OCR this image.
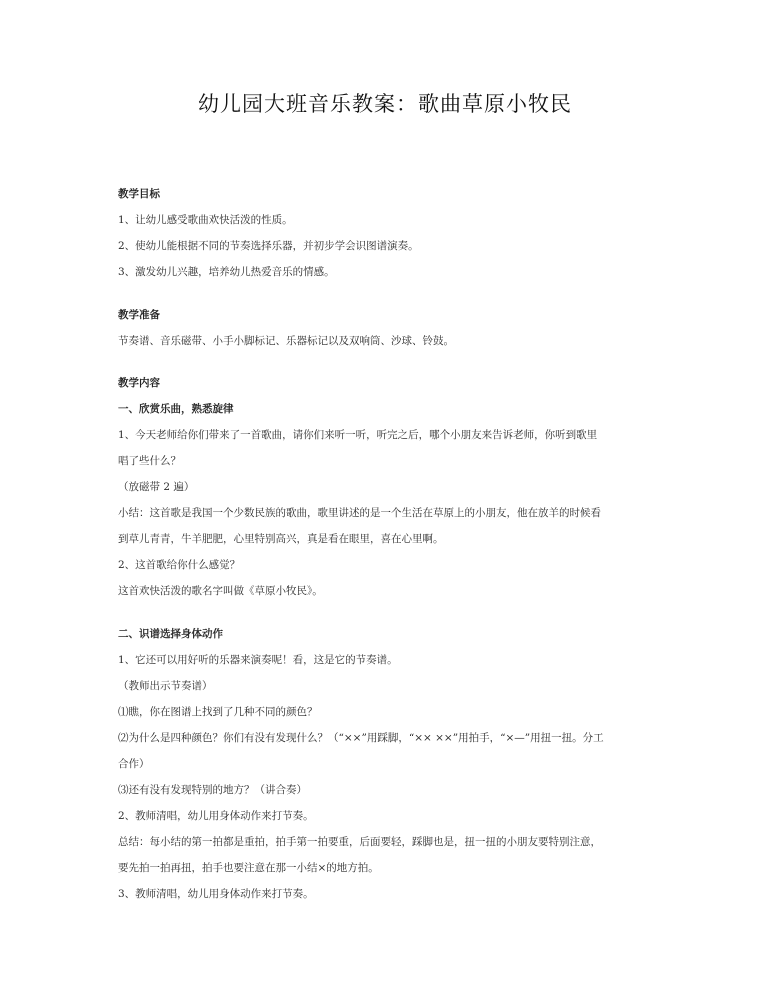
幼儿园大班音乐教案：歌曲草原小牧民
教学目标
1、让幼儿感受歌曲欢快活泼的性质。
2、使幼儿能根据不同的节奏选择乐器，并初步学会识图谱演奏。
3、激发幼儿兴趣，培养幼儿热爱音乐的情感。
教学准备
节奏谱、音乐磁带、小手小脚标记、乐器标记以及双响筒、沙球、铃鼓。
教学内容
一、欣赏乐曲，熟悉旋律
1、今天老师给你们带来了一首歌曲，请你们来听一听，听完之后，哪个小朋友来告诉老师，你听到歌里
唱了些什么？
（放磁带 2 遍）
小结：这首歌是我国一个少数民族的歌曲，歌里讲述的是一个生活在草原上的小朋友，他在放羊的时候看
到草儿青青，牛羊肥肥，心里特别高兴，真是看在眼里，喜在心里啊。
2、这首歌给你什么感觉？
这首欢快活泼的歌名字叫做《草原小牧民》。
二、识谱选择身体动作
1、它还可以用好听的乐器来演奏呢！看，这是它的节奏谱。
（教师出示节奏谱）
⑴瞧，你在图谱上找到了几种不同的颜色？
⑵为什么是四种颜色？你们有没有发现什么？（“××”用踩脚，“×× ××”用拍手，“×—”用扭一扭。分工
合作）
⑶还有没有发现特别的地方？（讲合奏）
2、教师清唱，幼儿用身体动作来打节奏。
总结：每小结的第一拍都是重拍，拍手第一拍要重，后面要轻，踩脚也是，扭一扭的小朋友要特别注意，
要先拍一拍再扭，拍手也要注意在那一小结×的地方拍。
3、教师清唱，幼儿用身体动作来打节奏。
